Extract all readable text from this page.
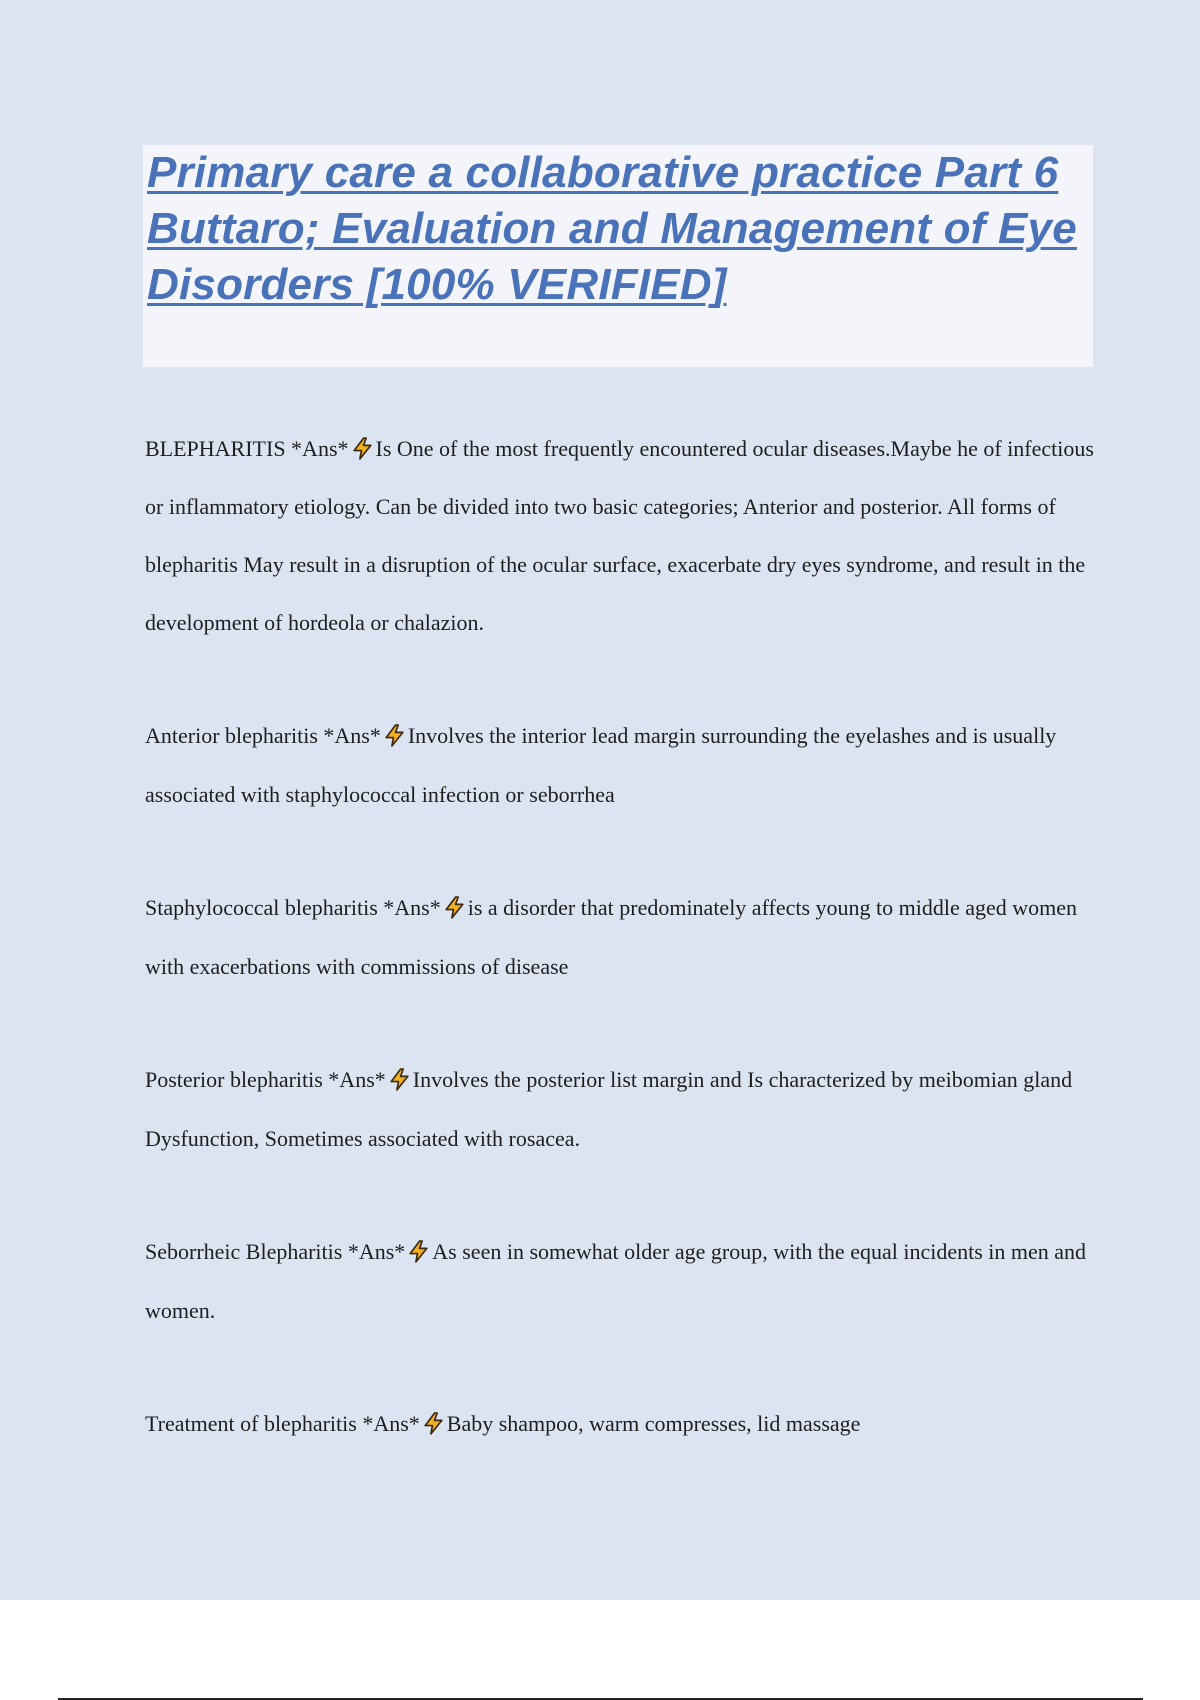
Primary care a collaborative practice Part 6 Buttaro; Evaluation and Management of Eye Disorders [100% VERIFIED]

BLEPHARITIS *Ans* Is One of the most frequently encountered ocular diseases.Maybe he of infectious or inflammatory etiology. Can be divided into two basic categories; Anterior and posterior. All forms of blepharitis May result in a disruption of the ocular surface, exacerbate dry eyes syndrome, and result in the development of hordeola or chalazion.

Anterior blepharitis *Ans* Involves the interior lead margin surrounding the eyelashes and is usually associated with staphylococcal infection or seborrhea

Staphylococcal blepharitis *Ans* is a disorder that predominately affects young to middle aged women with exacerbations with commissions of disease

Posterior blepharitis *Ans* Involves the posterior list margin and Is characterized by meibomian gland Dysfunction, Sometimes associated with rosacea.

Seborrheic Blepharitis *Ans* As seen in somewhat older age group, with the equal incidents in men and women.

Treatment of blepharitis *Ans* Baby shampoo, warm compresses, lid massage
